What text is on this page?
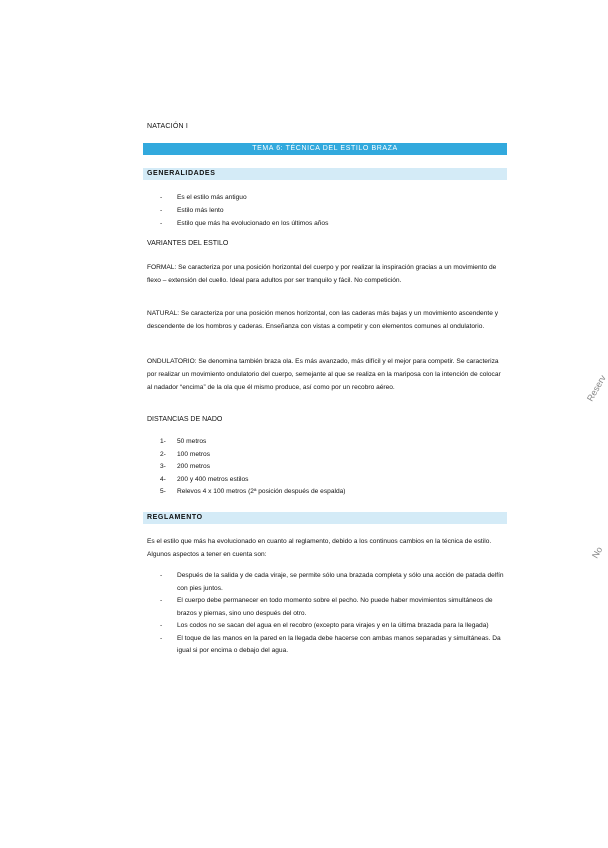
NATACIÓN I
TEMA 6: TÉCNICA DEL ESTILO BRAZA
GENERALIDADES
- Es el estilo más antiguo
- Estilo más lento
- Estilo que más ha evolucionado en los últimos años
VARIANTES DEL ESTILO
FORMAL: Se caracteriza por una posición horizontal del cuerpo y por realizar la inspiración gracias a un movimiento de flexo – extensión del cuello. Ideal para adultos por ser tranquilo y fácil. No competición.
NATURAL: Se caracteriza por una posición menos horizontal, con las caderas más bajas y un movimiento ascendente y descendente de los hombros y caderas. Enseñanza con vistas a competir y con elementos comunes al ondulatorio.
ONDULATORIO: Se denomina también braza ola. Es más avanzado, más difícil y el mejor para competir. Se caracteriza por realizar un movimiento ondulatorio del cuerpo, semejante al que se realiza en la mariposa con la intención de colocar al nadador “encima” de la ola que él mismo produce, así como por un recobro aéreo.
DISTANCIAS DE NADO
1- 50 metros
2- 100 metros
3- 200 metros
4- 200 y 400 metros estilos
5- Relevos 4 x 100 metros (2ª posición después de espalda)
REGLAMENTO
Es el estilo que más ha evolucionado en cuanto al reglamento, debido a los continuos cambios en la técnica de estilo. Algunos aspectos a tener en cuenta son:
- Después de la salida y de cada viraje, se permite sólo una brazada completa y sólo una acción de patada delfín con pies juntos.
- El cuerpo debe permanecer en todo momento sobre el pecho. No puede haber movimientos simultáneos de brazos y piernas, sino uno después del otro.
- Los codos no se sacan del agua en el recobro (excepto para virajes y en la última brazada para la llegada)
- El toque de las manos en la pared en la llegada debe hacerse con ambas manos separadas y simultáneas. Da igual si por encima o debajo del agua.
Reserv
No
